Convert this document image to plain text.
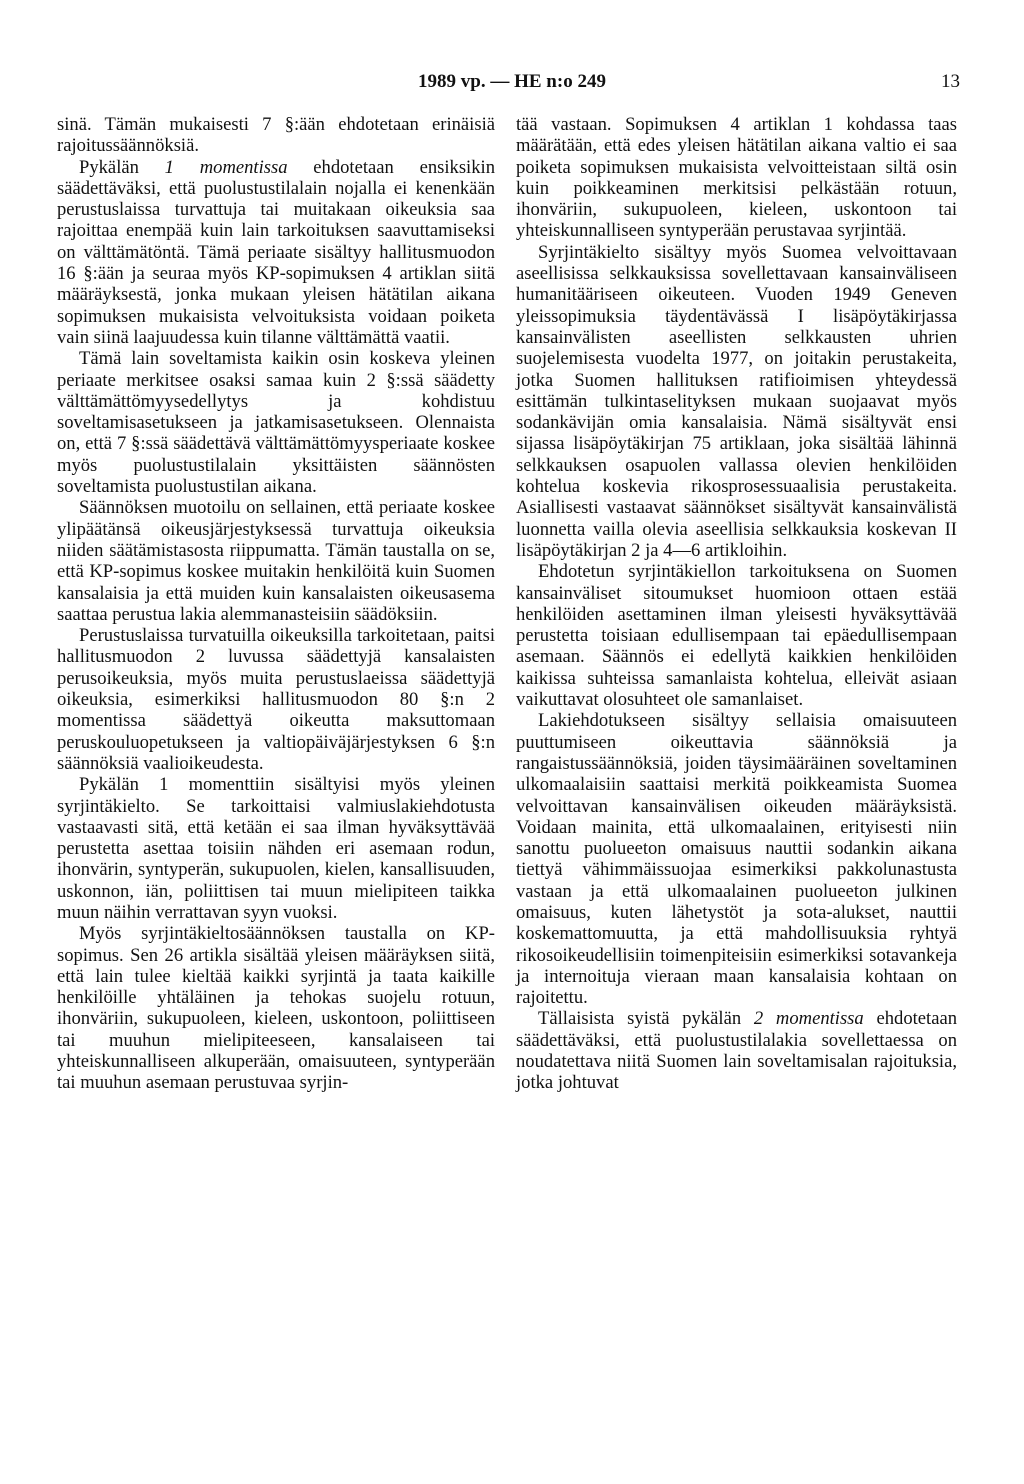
1989 vp. — HE n:o 249	13

sinä. Tämän mukaisesti 7 §:ään ehdotetaan erinäisiä rajoitussäännöksiä.

Pykälän 1 momentissa ehdotetaan ensiksikin säädettäväksi, että puolustustilalain nojalla ei kenenkään perustuslaissa turvattuja tai muitakaan oikeuksia saa rajoittaa enempää kuin lain tarkoituksen saavuttamiseksi on välttämätöntä. Tämä periaate sisältyy hallitusmuodon 16 §:ään ja seuraa myös KP-sopimuksen 4 artiklan siitä määräyksestä, jonka mukaan yleisen hätätilan aikana sopimuksen mukaisista velvoituksista voidaan poiketa vain siinä laajuudessa kuin tilanne välttämättä vaatii.

Tämä lain soveltamista kaikin osin koskeva yleinen periaate merkitsee osaksi samaa kuin 2 §:ssä säädetty välttämättömyysedellytys ja kohdistuu soveltamisasetukseen ja jatkamisasetukseen. Olennaista on, että 7 §:ssä säädettävä välttämättömyysperiaate koskee myös puolustustilalain yksittäisten säännösten soveltamista puolustustilan aikana.

Säännöksen muotoilu on sellainen, että periaate koskee ylipäätänsä oikeusjärjestyksessä turvattuja oikeuksia niiden säätämistasosta riippumatta. Tämän taustalla on se, että KP-sopimus koskee muitakin henkilöitä kuin Suomen kansalaisia ja että muiden kuin kansalaisten oikeusasema saattaa perustua lakia alemmanasteisiin säädöksiin.

Perustuslaissa turvatuilla oikeuksilla tarkoitetaan, paitsi hallitusmuodon 2 luvussa säädettyjä kansalaisten perusoikeuksia, myös muita perustuslaeissa säädettyjä oikeuksia, esimerkiksi hallitusmuodon 80 §:n 2 momentissa säädettyä oikeutta maksuttomaan peruskouluopetukseen ja valtiopäiväjärjestyksen 6 §:n säännöksiä vaalioikeudesta.

Pykälän 1 momenttiin sisältyisi myös yleinen syrjintäkielto. Se tarkoittaisi valmiuslakiehdotusta vastaavasti sitä, että ketään ei saa ilman hyväksyttävää perustetta asettaa toisiin nähden eri asemaan rodun, ihonvärin, syntyperän, sukupuolen, kielen, kansallisuuden, uskonnon, iän, poliittisen tai muun mielipiteen taikka muun näihin verrattavan syyn vuoksi.

Myös syrjintäkieltosäännöksen taustalla on KP-sopimus. Sen 26 artikla sisältää yleisen määräyksen siitä, että lain tulee kieltää kaikki syrjintä ja taata kaikille henkilöille yhtäläinen ja tehokas suojelu rotuun, ihonväriin, sukupuoleen, kieleen, uskontoon, poliittiseen tai muuhun mielipiteeseen, kansalaiseen tai yhteiskunnalliseen alkuperään, omaisuuteen, syntyperään tai muuhun asemaan perustuvaa syrjin-

tää vastaan. Sopimuksen 4 artiklan 1 kohdassa taas määrätään, että edes yleisen hätätilan aikana valtio ei saa poiketa sopimuksen mukaisista velvoitteistaan siltä osin kuin poikkeaminen merkitsisi pelkästään rotuun, ihonväriin, sukupuoleen, kieleen, uskontoon tai yhteiskunnalliseen syntyperään perustavaa syrjintää.

Syrjintäkielto sisältyy myös Suomea velvoittavaan aseellisissa selkkauksissa sovellettavaan kansainväliseen humanitääriseen oikeuteen. Vuoden 1949 Geneven yleissopimuksia täydentävässä I lisäpöytäkirjassa kansainvälisten aseellisten selkkausten uhrien suojelemisesta vuodelta 1977, on joitakin perustakeita, jotka Suomen hallituksen ratifioimisen yhteydessä esittämän tulkintaselityksen mukaan suojaavat myös sodankävijän omia kansalaisia. Nämä sisältyvät ensi sijassa lisäpöytäkirjan 75 artiklaan, joka sisältää lähinnä selkkauksen osapuolen vallassa olevien henkilöiden kohtelua koskevia rikosprosessuaalisia perustakeita. Asiallisesti vastaavat säännökset sisältyvät kansainvälistä luonnetta vailla olevia aseellisia selkkauksia koskevan II lisäpöytäkirjan 2 ja 4—6 artikloihin.

Ehdotetun syrjintäkiellon tarkoituksena on Suomen kansainväliset sitoumukset huomioon ottaen estää henkilöiden asettaminen ilman yleisesti hyväksyttävää perustetta toisiaan edullisempaan tai epäedullisempaan asemaan. Säännös ei edellytä kaikkien henkilöiden kaikissa suhteissa samanlaista kohtelua, elleivät asiaan vaikuttavat olosuhteet ole samanlaiset.

Lakiehdotukseen sisältyy sellaisia omaisuuteen puuttumiseen oikeuttavia säännöksiä ja rangaistussäännöksiä, joiden täysimääräinen soveltaminen ulkomaalaisiin saattaisi merkitä poikkeamista Suomea velvoittavan kansainvälisen oikeuden määräyksistä. Voidaan mainita, että ulkomaalainen, erityisesti niin sanottu puolueeton omaisuus nauttii sodankin aikana tiettyä vähimmäissuojaa esimerkiksi pakkolunastusta vastaan ja että ulkomaalainen puolueeton julkinen omaisuus, kuten lähetystöt ja sota-alukset, nauttii koskemattomuutta, ja että mahdollisuuksia ryhtyä rikosoikeudellisiin toimenpiteisiin esimerkiksi sotavankeja ja internoituja vieraan maan kansalaisia kohtaan on rajoitettu.

Tällaisista syistä pykälän 2 momentissa ehdotetaan säädettäväksi, että puolustustilalakia sovellettaessa on noudatettava niitä Suomen lain soveltamisalan rajoituksia, jotka johtuvat
